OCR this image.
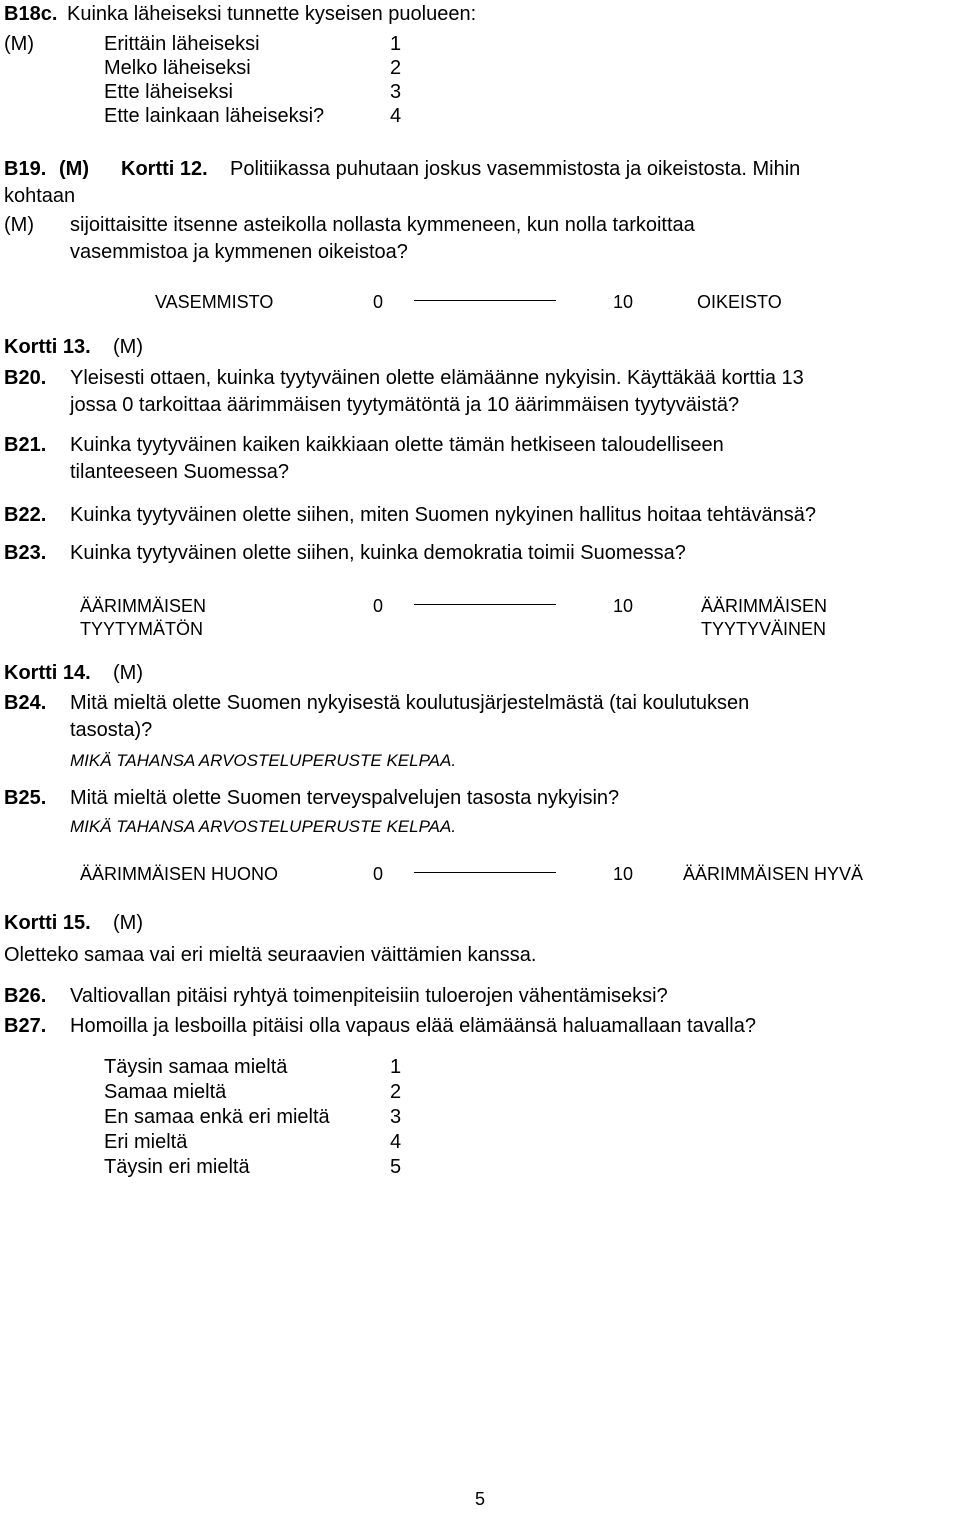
B18c. Kuinka läheiseksi tunnette kyseisen puolueen:
(M)	Erittäin läheiseksi	1
Melko läheiseksi	2
Ette läheiseksi	3
Ette lainkaan läheiseksi?	4
B19. (M) Kortti 12. Politiikassa puhutaan joskus vasemmistosta ja oikeistosta. Mihin
kohtaan
(M) sijoittaisitte itsenne asteikolla nollasta kymmeneen, kun nolla tarkoittaa
vasemmistoa ja kymmenen oikeistoa?
VASEMMISTO	0	10	OIKEISTO
Kortti 13. (M)
B20. Yleisesti ottaen, kuinka tyytyväinen olette elämäänne nykyisin. Käyttäkää korttia 13
jossa 0 tarkoittaa äärimmäisen tyytymätöntä ja 10 äärimmäisen tyytyväistä?
B21. Kuinka tyytyväinen kaiken kaikkiaan olette tämän hetkiseen taloudelliseen
tilanteeseen Suomessa?
B22. Kuinka tyytyväinen olette siihen, miten Suomen nykyinen hallitus hoitaa tehtävänsä?
B23. Kuinka tyytyväinen olette siihen, kuinka demokratia toimii Suomessa?
ÄÄRIMMÄISEN
TYYTYMÄTÖN
0	10	ÄÄRIMMÄISEN
TYYTYVÄINEN
Kortti 14. (M)
B24. Mitä mieltä olette Suomen nykyisestä koulutusjärjestelmästä (tai koulutuksen
tasosta)?
MIKÄ TAHANSA ARVOSTELUPERUSTE KELPAA.
B25. Mitä mieltä olette Suomen terveyspalvelujen tasosta nykyisin?
MIKÄ TAHANSA ARVOSTELUPERUSTE KELPAA.
ÄÄRIMMÄISEN HUONO	0	10	ÄÄRIMMÄISEN HYVÄ
Kortti 15. (M)
Oletteko samaa vai eri mieltä seuraavien väittämien kanssa.
B26. Valtiovallan pitäisi ryhtyä toimenpiteisiin tuloerojen vähentämiseksi?
B27. Homoilla ja lesboilla pitäisi olla vapaus elää elämäänsä haluamallaan tavalla?
Täysin samaa mieltä	1
Samaa mieltä	2
En samaa enkä eri mieltä	3
Eri mieltä	4
Täysin eri mieltä	5
5
